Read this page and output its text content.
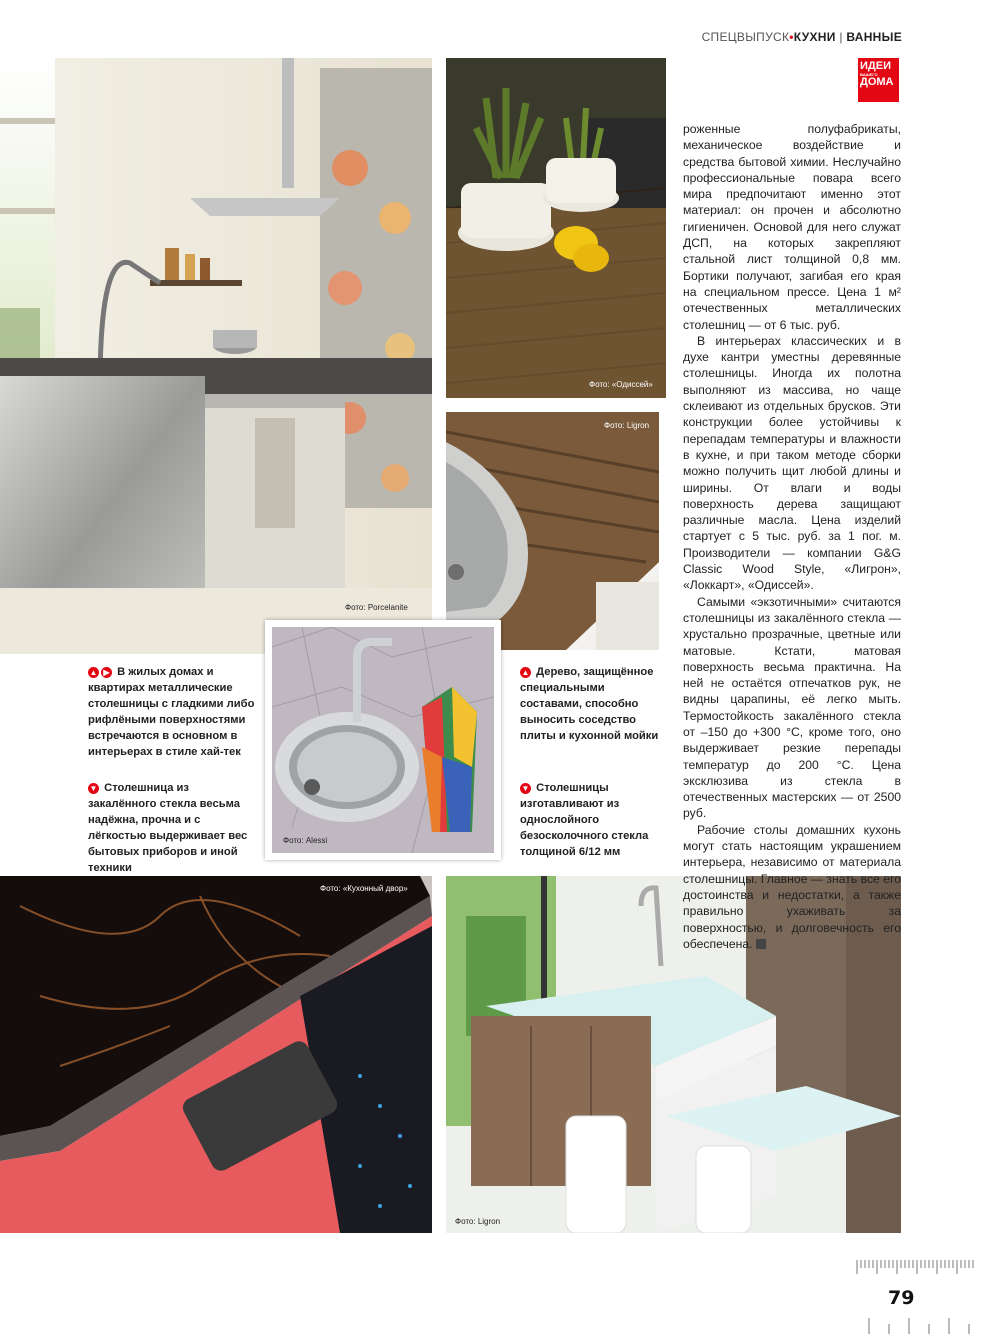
СПЕЦВЫПУСК•КУХНИ | ВАННЫЕ
ИДЕИ
ВАШЕГО
ДОМА
Фото: Porcelanite
Фото: «Одиссей»
Фото: Ligron
Фото: Alessi
Фото: «Кухонный двор»
Фото: Ligron
▲ ▶ В жилых домах и квартирах металлические столешницы с гладкими либо рифлёными поверхностями встречаются в основном в интерьерах в стиле хай-тек
▼ Столешница из закалённого стекла весьма надёжна, прочна и с лёгкостью выдерживает вес бытовых приборов и иной техники
▲ Дерево, защищённое специальными составами, способно выносить соседство плиты и кухонной мойки
▼ Столешницы изготавливают из однослойного безосколочного стекла толщиной 6/12 мм

роженные полуфабрикаты, механическое воздействие и средства бытовой химии. Неслучайно профессиональные повара всего мира предпочитают именно этот материал: он прочен и абсолютно гигиеничен. Основой для него служат ДСП, на которых закрепляют стальной лист толщиной 0,8 мм. Бортики получают, загибая его края на специальном прессе. Цена 1 м² отечественных металлических столешниц — от 6 тыс. руб.

В интерьерах классических и в духе кантри уместны деревянные столешницы. Иногда их полотна выполняют из массива, но чаще склеивают из отдельных брусков. Эти конструкции более устойчивы к перепадам температуры и влажности в кухне, и при таком методе сборки можно получить щит любой длины и ширины. От влаги и воды поверхность дерева защищают различные масла. Цена изделий стартует с 5 тыс. руб. за 1 пог. м. Производители — компании G&G Classic Wood Style, «Лигрон», «Локкарт», «Одиссей».

Самыми «экзотичными» считаются столешницы из закалённого стекла — хрустально прозрачные, цветные или матовые. Кстати, матовая поверхность весьма практична. На ней не остаётся отпечатков рук, не видны царапины, её легко мыть. Термостойкость закалённого стекла от –150 до +300 °C, кроме того, оно выдерживает резкие перепады температур до 200 °C. Цена эксклюзива из стекла в отечественных мастерских — от 2500 руб.

Рабочие столы домашних кухонь могут стать настоящим украшением интерьера, независимо от материала столешницы. Главное — знать все его достоинства и недостатки, а также правильно ухаживать за поверхностью, и долговечность его обеспечена.

79
